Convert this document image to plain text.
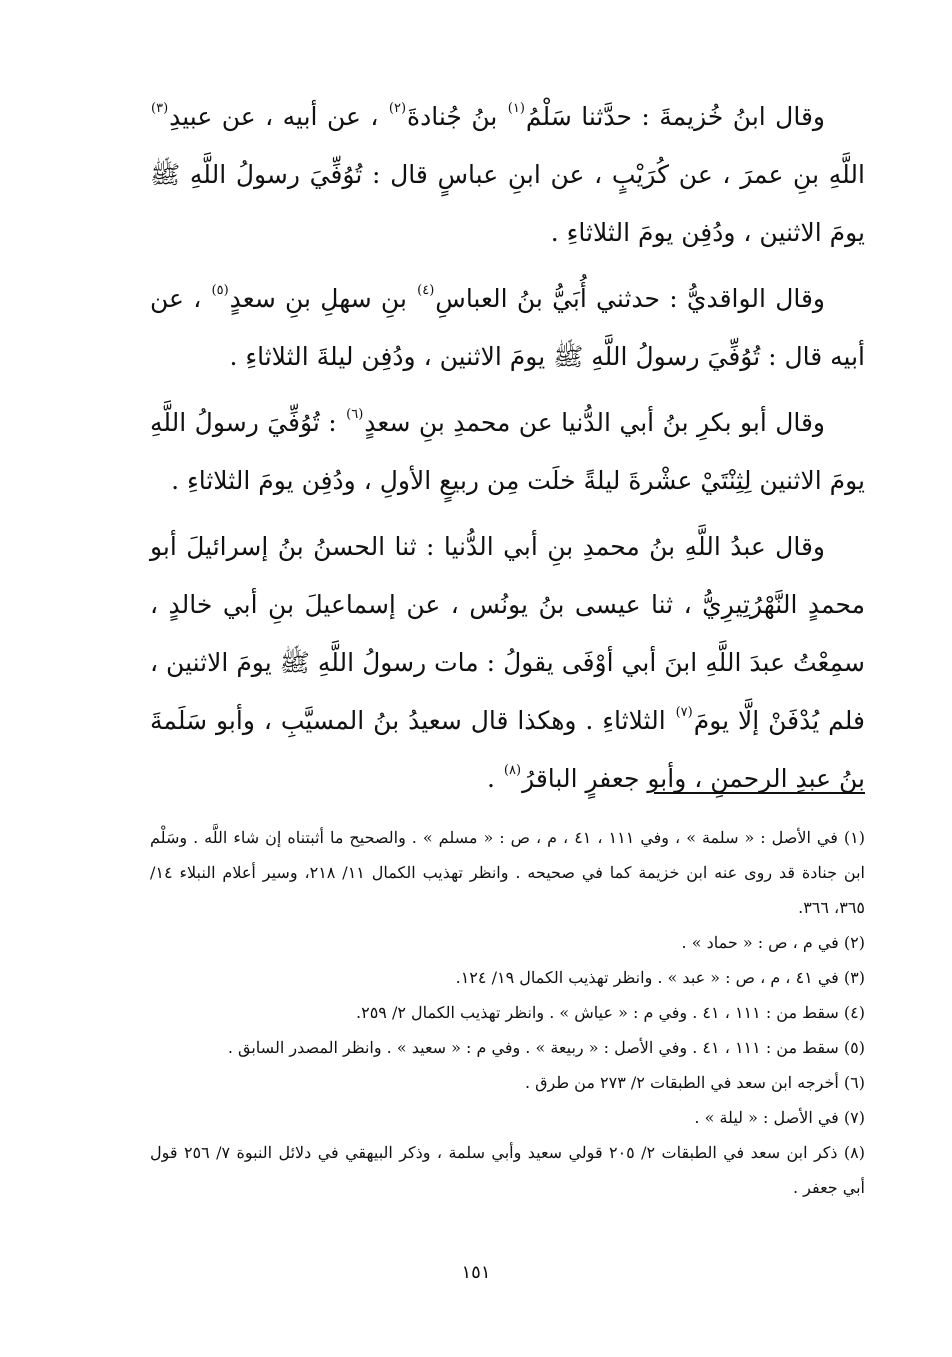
وقال ابنُ خُزيمةَ : حدَّثنا سَلْمُ$^{(١)}$ بنُ جُنادةَ$^{(٢)}$ ، عن أبيه ، عن عبيدِ$^{(٣)}$ اللَّهِ بنِ عمرَ ، عن كُرَيْبٍ ، عن ابنِ عباسٍ قال : تُوُفِّيَ رسولُ اللَّهِ ﷺ يومَ الاثنين ، ودُفِن يومَ الثلاثاءِ .

وقال الواقديُّ : حدثني أُبَيُّ بنُ العباسِ$^{(٤)}$ بنِ سهلِ بنِ سعدٍ$^{(٥)}$ ، عن أبيه قال : تُوُفِّيَ رسولُ اللَّهِ ﷺ يومَ الاثنين ، ودُفِن ليلةَ الثلاثاءِ .

وقال أبو بكرِ بنُ أبي الدُّنيا عن محمدِ بنِ سعدٍ$^{(٦)}$ : تُوُفِّيَ رسولُ اللَّهِ يومَ الاثنين لِثِنْتَيْ عشْرةَ ليلةً خلَت مِن ربيعٍ الأولِ ، ودُفِن يومَ الثلاثاءِ .

وقال عبدُ اللَّهِ بنُ محمدِ بنِ أبي الدُّنيا : ثنا الحسنُ بنُ إسرائيلَ أبو محمدٍ النَّهْرُتِيرِيُّ ، ثنا عيسى بنُ يونُس ، عن إسماعيلَ بنِ أبي خالدٍ ، سمِعْتُ عبدَ اللَّهِ ابنَ أبي أوْفَى يقولُ : مات رسولُ اللَّهِ ﷺ يومَ الاثنين ، فلم يُدْفَنْ إلَّا يومَ$^{(٧)}$ الثلاثاءِ . وهكذا قال سعيدُ بنُ المسيَّبِ ، وأبو سَلَمةَ بنُ عبدِ الرحمنِ ، وأبو جعفرٍ الباقرُ$^{(٨)}$ .

(١) في الأصل : « سلمة » ، وفي ١١١ ، ٤١ ، م ، ص : « مسلم » . والصحيح ما أثبتناه إن شاء اللَّه . وسَلْم ابن جنادة قد روى عنه ابن خزيمة كما في صحيحه . وانظر تهذيب الكمال ١١/ ٢١٨، وسير أعلام النبلاء ١٤/ ٣٦٥، ٣٦٦.

(٢) في م ، ص : « حماد » .

(٣) في ٤١ ، م ، ص : « عبد » . وانظر تهذيب الكمال ١٩/ ١٢٤.

(٤) سقط من : ١١١ ، ٤١ . وفي م : « عياش » . وانظر تهذيب الكمال ٢/ ٢٥٩.

(٥) سقط من : ١١١ ، ٤١ . وفي الأصل : « ربيعة » . وفي م : « سعيد » . وانظر المصدر السابق .

(٦) أخرجه ابن سعد في الطبقات ٢/ ٢٧٣ من طرق .

(٧) في الأصل : « ليلة » .

(٨) ذكر ابن سعد في الطبقات ٢/ ٢٠٥ قولي سعيد وأبي سلمة ، وذكر البيهقي في دلائل النبوة ٧/ ٢٥٦ قول أبي جعفر .

١٥١
